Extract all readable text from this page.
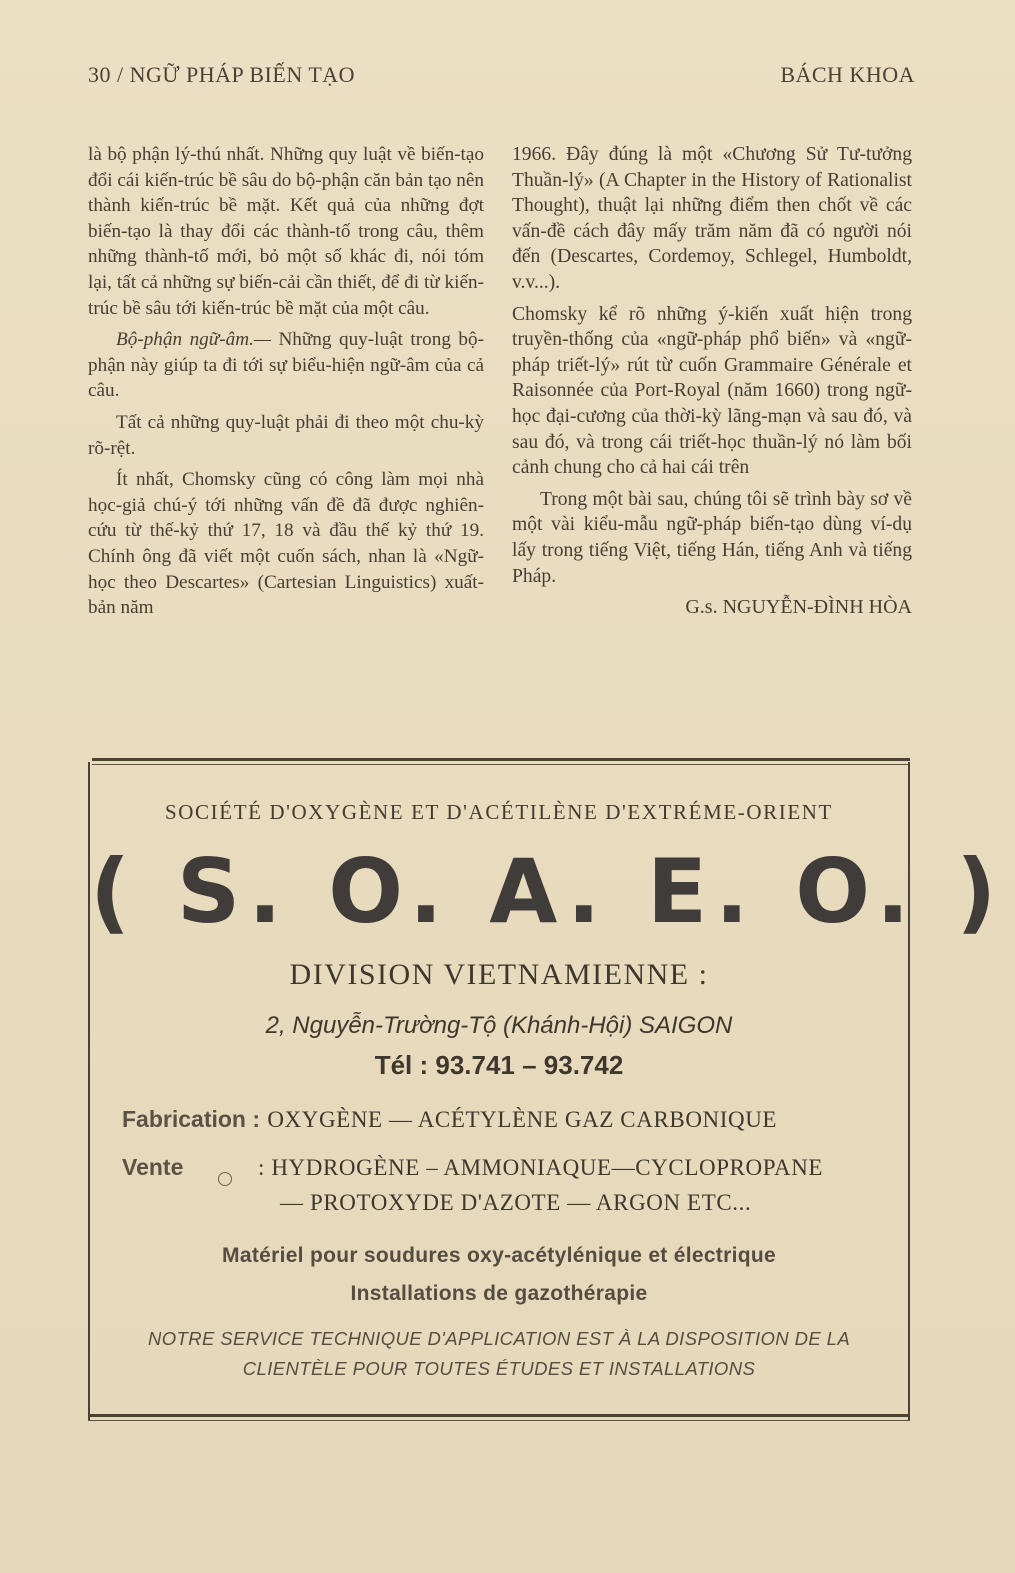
30 / NGỮ PHÁP BIẾN TẠO	BÁCH KHOA

là bộ phận lý-thú nhất. Những quy luật về biến-tạo đổi cái kiến-trúc bề sâu do bộ-phận căn bản tạo nên thành kiến-trúc bề mặt. Kết quả của những đợt biến-tạo là thay đổi các thành-tố trong câu, thêm những thành-tố mới, bỏ một số khác đi, nói tóm lại, tất cả những sự biến-cải cần thiết, để đi từ kiến-trúc bề sâu tới kiến-trúc bề mặt của một câu.

Bộ-phận ngữ-âm.— Những quy-luật trong bộ-phận này giúp ta đi tới sự biểu-hiện ngữ-âm của cả câu.

Tất cả những quy-luật phải đi theo một chu-kỳ rõ-rệt.

Ít nhất, Chomsky cũng có công làm mọi nhà học-giả chú-ý tới những vấn đề đã được nghiên-cứu từ thế-kỷ thứ 17, 18 và đầu thế kỷ thứ 19. Chính ông đã viết một cuốn sách, nhan là «Ngữ-học theo Descartes» (Cartesian Linguistics) xuất-bản năm

1966. Đây đúng là một «Chương Sử Tư-tưởng Thuần-lý» (A Chapter in the History of Rationalist Thought), thuật lại những điểm then chốt về các vấn-đề cách đây mấy trăm năm đã có người nói đến (Descartes, Cordemoy, Schlegel, Humboldt, v.v...).

Chomsky kể rõ những ý-kiến xuất hiện trong truyền-thống của «ngữ-pháp phổ biến» và «ngữ-pháp triết-lý» rút từ cuốn Grammaire Générale et Raisonnée của Port-Royal (năm 1660) trong ngữ-học đại-cương của thời-kỳ lãng-mạn và sau đó, và sau đó, và trong cái triết-học thuần-lý nó làm bối cảnh chung cho cả hai cái trên

Trong một bài sau, chúng tôi sẽ trình bày sơ về một vài kiểu-mẫu ngữ-pháp biến-tạo dùng ví-dụ lấy trong tiếng Việt, tiếng Hán, tiếng Anh và tiếng Pháp.

G.s. NGUYỄN-ĐÌNH HÒA
SOCIÉTÉ D'OXYGÈNE ET D'ACÉTILÈNE D'EXTRÉME-ORIENT
( S. O. A. E. O. )
DIVISION VIETNAMIENNE :
2, Nguyễn-Trường-Tộ (Khánh-Hội) SAIGON
Tél : 93.741 – 93.742
Fabrication : OXYGÈNE — ACÉTYLÈNE GAZ CARBONIQUE
Vente	: HYDROGÈNE – AMMONIAQUE—CYCLOPROPANE
— PROTOXYDE D'AZOTE — ARGON ETC...
Matériel pour soudures oxy-acétylénique et électrique
Installations de gazothérapie
NOTRE SERVICE TECHNIQUE D'APPLICATION EST À LA DISPOSITION DE LA
CLIENTÈLE POUR TOUTES ÉTUDES ET INSTALLATIONS
